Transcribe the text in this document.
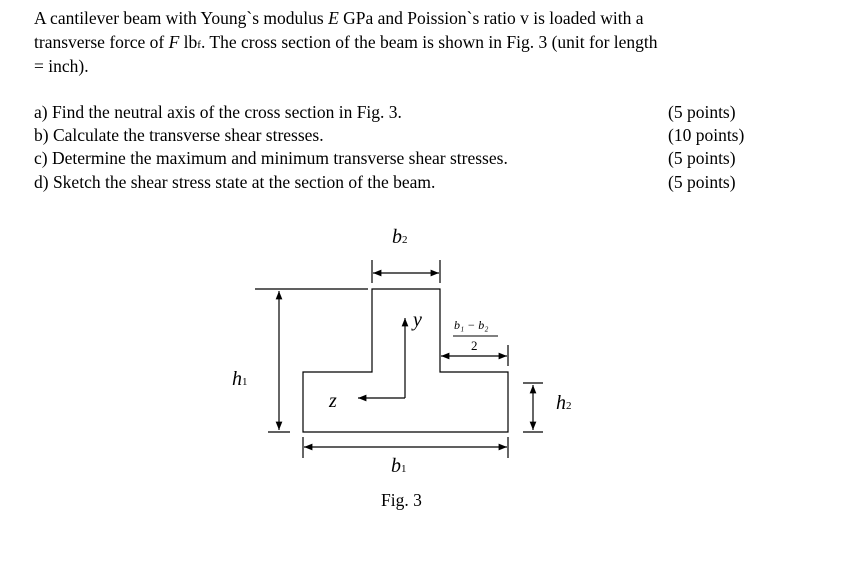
A cantilever beam with Young`s modulus E GPa and Poission`s ratio v is loaded with a
transverse force of F lbf. The cross section of the beam is shown in Fig. 3 (unit for length
= inch).
a) Find the neutral axis of the cross section in Fig. 3.
b) Calculate the transverse shear stresses.
c) Determine the maximum and minimum transverse shear stresses.
d) Sketch the shear stress state at the section of the beam.
(5 points)
(10 points)
(5 points)
(5 points)
b2
y	b₁ − b₂
2
h1
z	h2
b1
Fig. 3
